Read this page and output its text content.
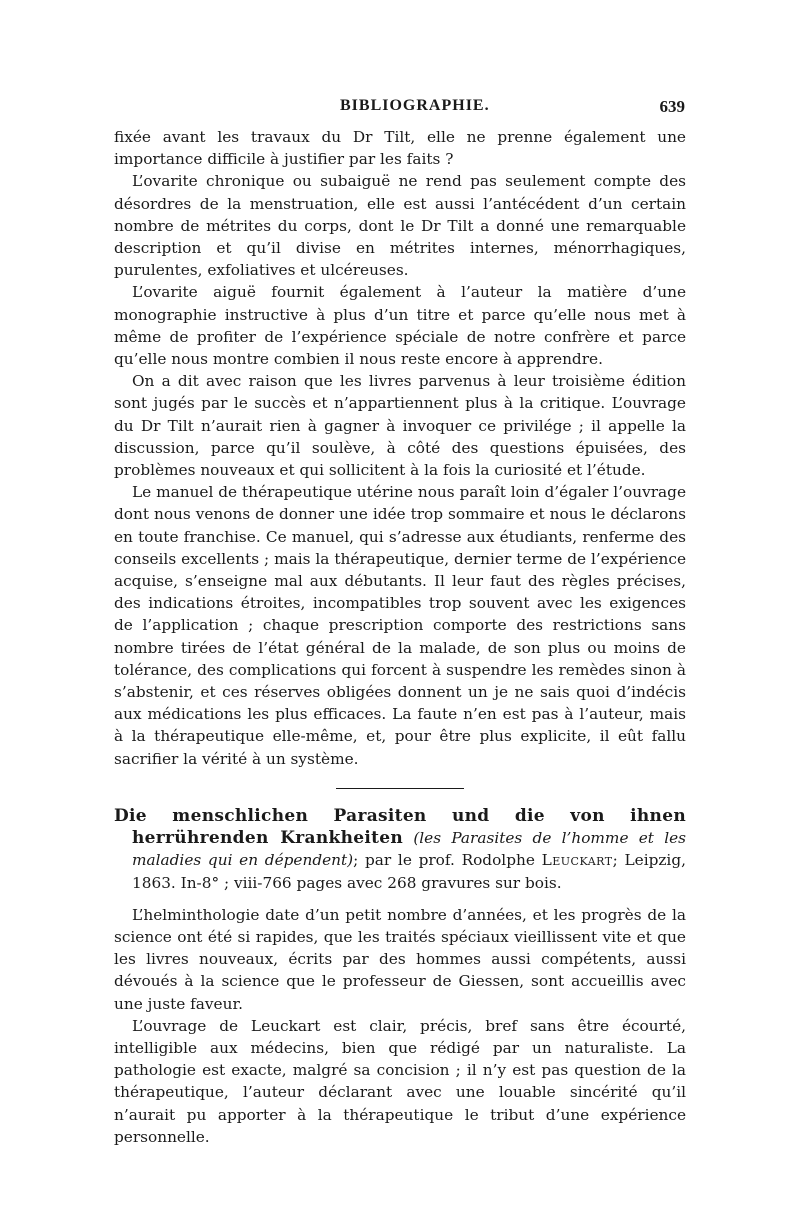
BIBLIOGRAPHIE.	639

fixée avant les travaux du Dr Tilt, elle ne prenne également une importance difficile à justifier par les faits ?

L’ovarite chronique ou subaiguë ne rend pas seulement compte des désordres de la menstruation, elle est aussi l’antécédent d’un certain nombre de métrites du corps, dont le Dr Tilt a donné une remarquable description et qu’il divise en métrites internes, ménorrhagiques, purulentes, exfoliatives et ulcéreuses.

L’ovarite aiguë fournit également à l’auteur la matière d’une monographie instructive à plus d’un titre et parce qu’elle nous met à même de profiter de l’expérience spéciale de notre confrère et parce qu’elle nous montre combien il nous reste encore à apprendre.

On a dit avec raison que les livres parvenus à leur troisième édition sont jugés par le succès et n’appartiennent plus à la critique. L’ouvrage du Dr Tilt n’aurait rien à gagner à invoquer ce privilége ; il appelle la discussion, parce qu’il soulève, à côté des questions épuisées, des problèmes nouveaux et qui sollicitent à la fois la curiosité et l’étude.

Le manuel de thérapeutique utérine nous paraît loin d’égaler l’ouvrage dont nous venons de donner une idée trop sommaire et nous le déclarons en toute franchise. Ce manuel, qui s’adresse aux étudiants, renferme des conseils excellents ; mais la thérapeutique, dernier terme de l’expérience acquise, s’enseigne mal aux débutants. Il leur faut des règles précises, des indications étroites, incompatibles trop souvent avec les exigences de l’application ; chaque prescription comporte des restrictions sans nombre tirées de l’état général de la malade, de son plus ou moins de tolérance, des complications qui forcent à suspendre les remèdes sinon à s’abstenir, et ces réserves obligées donnent un je ne sais quoi d’indécis aux médications les plus efficaces. La faute n’en est pas à l’auteur, mais à la thérapeutique elle-même, et, pour être plus explicite, il eût fallu sacrifier la vérité à un système.

Die menschlichen Parasiten und die von ihnen herrührenden Krankheiten (les Parasites de l’homme et les maladies qui en dépendent); par le prof. Rodolphe Leuckart; Leipzig, 1863. In-8° ; viii-766 pages avec 268 gravures sur bois.

L’helminthologie date d’un petit nombre d’années, et les progrès de la science ont été si rapides, que les traités spéciaux vieillissent vite et que les livres nouveaux, écrits par des hommes aussi compétents, aussi dévoués à la science que le professeur de Giessen, sont accueillis avec une juste faveur.

L’ouvrage de Leuckart est clair, précis, bref sans être écourté, intelligible aux médecins, bien que rédigé par un naturaliste. La pathologie est exacte, malgré sa concision ; il n’y est pas question de la thérapeutique, l’auteur déclarant avec une louable sincérité qu’il n’aurait pu apporter à la thérapeutique le tribut d’une expérience personnelle.
